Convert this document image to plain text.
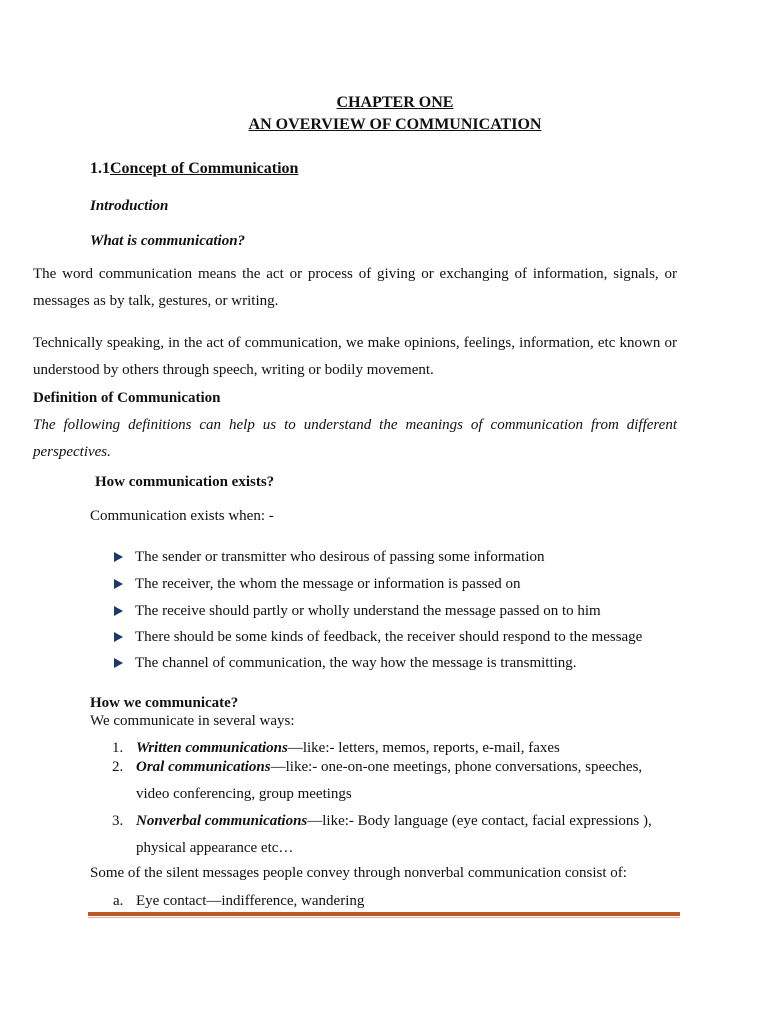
CHAPTER ONE
AN OVERVIEW OF COMMUNICATION
1.1Concept of Communication
Introduction
What is communication?
The word communication means the act or process of giving or exchanging of information, signals, or messages as by talk, gestures, or writing.
Technically speaking, in the act of communication, we make opinions, feelings, information, etc known or understood by others through speech, writing or bodily movement.
Definition of Communication
The following definitions can help us to understand the meanings of communication from different perspectives.
How communication exists?
Communication exists when: -
The sender or transmitter who desirous of passing some information
The receiver, the whom the message or information is passed on
The receive should partly or wholly understand the message passed on to him
There should be some kinds of feedback, the receiver should respond to the message
The channel of communication, the way how the message is transmitting.
How we communicate?
We communicate in several ways:
1. Written communications—like:- letters, memos, reports, e-mail, faxes
2. Oral communications—like:- one-on-one meetings, phone conversations, speeches,
video conferencing, group meetings
3. Nonverbal communications—like:- Body language (eye contact, facial expressions ),
physical appearance etc…
Some of the silent messages people convey through nonverbal communication consist of:
a. Eye contact—indifference, wandering
